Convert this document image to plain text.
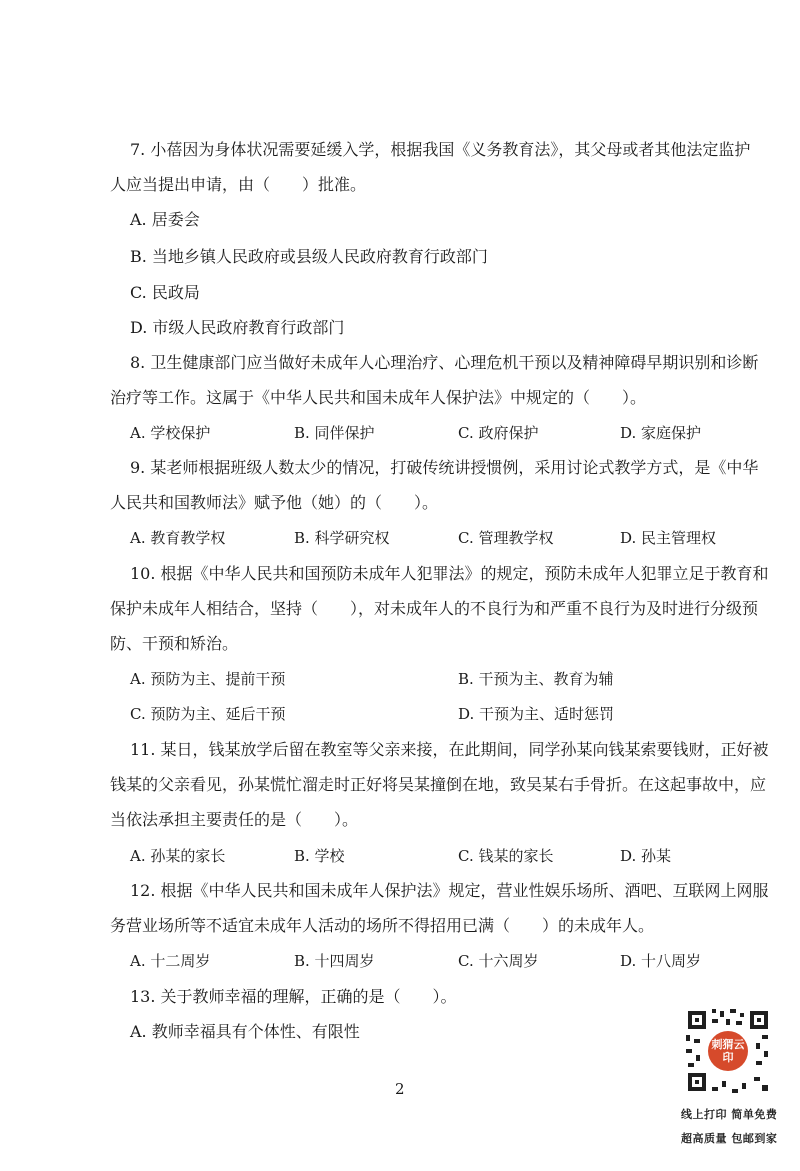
7. 小蓓因为身体状况需要延缓入学，根据我国《义务教育法》，其父母或者其他法定监护
人应当提出申请，由（　　）批准。
A. 居委会
B. 当地乡镇人民政府或县级人民政府教育行政部门
C. 民政局
D. 市级人民政府教育行政部门
8. 卫生健康部门应当做好未成年人心理治疗、心理危机干预以及精神障碍早期识别和诊断
治疗等工作。这属于《中华人民共和国未成年人保护法》中规定的（　　）。
A. 学校保护	B. 同伴保护	C. 政府保护	D. 家庭保护
9. 某老师根据班级人数太少的情况，打破传统讲授惯例，采用讨论式教学方式，是《中华
人民共和国教师法》赋予他（她）的（　　）。
A. 教育教学权	B. 科学研究权	C. 管理教学权	D. 民主管理权
10. 根据《中华人民共和国预防未成年人犯罪法》的规定，预防未成年人犯罪立足于教育和
保护未成年人相结合，坚持（　　），对未成年人的不良行为和严重不良行为及时进行分级预
防、干预和矫治。
A. 预防为主、提前干预	B. 干预为主、教育为辅
C. 预防为主、延后干预	D. 干预为主、适时惩罚
11. 某日，钱某放学后留在教室等父亲来接，在此期间，同学孙某向钱某索要钱财，正好被
钱某的父亲看见，孙某慌忙溜走时正好将吴某撞倒在地，致吴某右手骨折。在这起事故中，应
当依法承担主要责任的是（　　）。
A. 孙某的家长	B. 学校	C. 钱某的家长	D. 孙某
12. 根据《中华人民共和国未成年人保护法》规定，营业性娱乐场所、酒吧、互联网上网服
务营业场所等不适宜未成年人活动的场所不得招用已满（　　）的未成年人。
A. 十二周岁	B. 十四周岁	C. 十六周岁	D. 十八周岁
13. 关于教师幸福的理解，正确的是（　　）。
A. 教师幸福具有个体性、有限性
2
刺猬云印
线上打印 简单免费
超高质量 包邮到家
